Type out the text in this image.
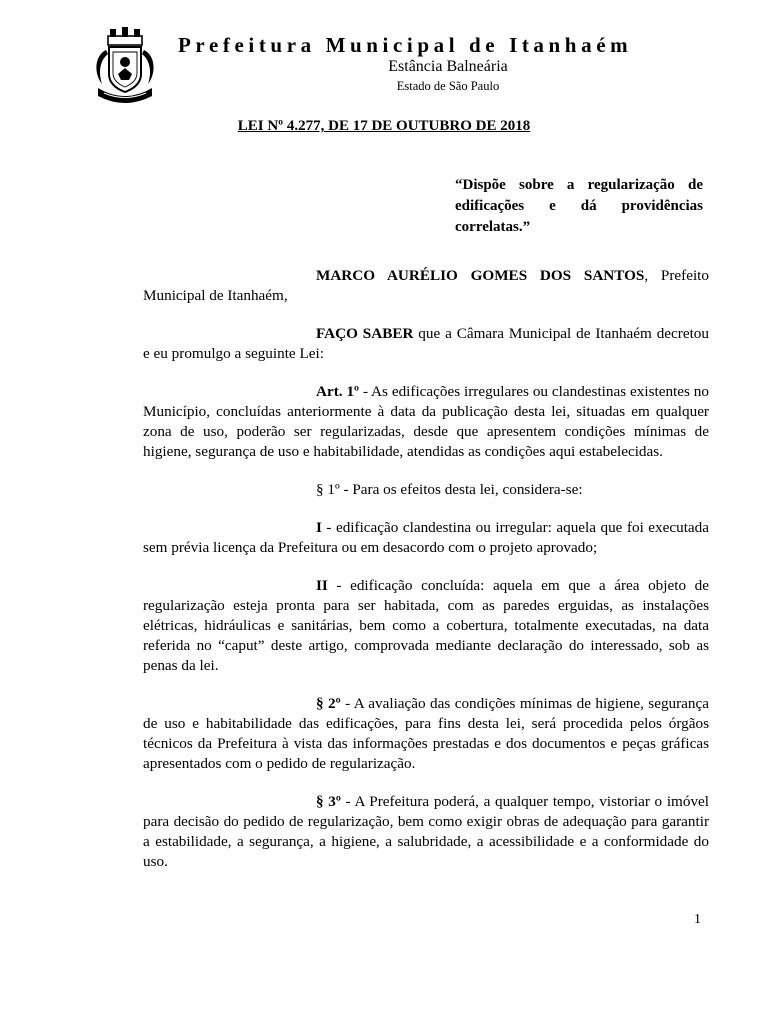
Prefeitura Municipal de Itanhaém
Estância Balneária
Estado de São Paulo
LEI Nº 4.277, DE 17 DE OUTUBRO DE 2018
“Dispõe sobre a regularização de edificações e dá providências correlatas.”

MARCO AURÉLIO GOMES DOS SANTOS, Prefeito Municipal de Itanhaém,

FAÇO SABER que a Câmara Municipal de Itanhaém decretou e eu promulgo a seguinte Lei:

Art. 1º - As edificações irregulares ou clandestinas existentes no Município, concluídas anteriormente à data da publicação desta lei, situadas em qualquer zona de uso, poderão ser regularizadas, desde que apresentem condições mínimas de higiene, segurança de uso e habitabilidade, atendidas as condições aqui estabelecidas.

§ 1º - Para os efeitos desta lei, considera-se:

I - edificação clandestina ou irregular: aquela que foi executada sem prévia licença da Prefeitura ou em desacordo com o projeto aprovado;

II - edificação concluída: aquela em que a área objeto de regularização esteja pronta para ser habitada, com as paredes erguidas, as instalações elétricas, hidráulicas e sanitárias, bem como a cobertura, totalmente executadas, na data referida no “caput” deste artigo, comprovada mediante declaração do interessado, sob as penas da lei.

§ 2º - A avaliação das condições mínimas de higiene, segurança de uso e habitabilidade das edificações, para fins desta lei, será procedida pelos órgãos técnicos da Prefeitura à vista das informações prestadas e dos documentos e peças gráficas apresentados com o pedido de regularização.

§ 3º - A Prefeitura poderá, a qualquer tempo, vistoriar o imóvel para decisão do pedido de regularização, bem como exigir obras de adequação para garantir a estabilidade, a segurança, a higiene, a salubridade, a acessibilidade e a conformidade do uso.

1
